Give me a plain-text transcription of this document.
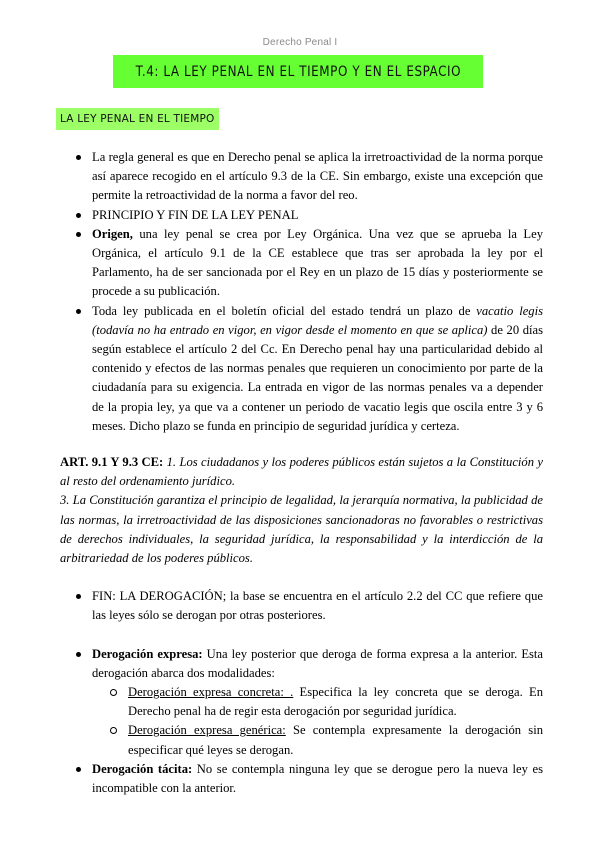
Derecho Penal I
T.4: LA LEY PENAL EN EL TIEMPO Y EN EL ESPACIO
LA LEY PENAL EN EL TIEMPO
La regla general es que en Derecho penal se aplica la irretroactividad de la norma porque así aparece recogido en el artículo 9.3 de la CE. Sin embargo, existe una excepción que permite la retroactividad de la norma a favor del reo.
PRINCIPIO Y FIN DE LA LEY PENAL
Origen, una ley penal se crea por Ley Orgánica. Una vez que se aprueba la Ley Orgánica, el artículo 9.1 de la CE establece que tras ser aprobada la ley por el Parlamento, ha de ser sancionada por el Rey en un plazo de 15 días y posteriormente se procede a su publicación.
Toda ley publicada en el boletín oficial del estado tendrá un plazo de vacatio legis (todavía no ha entrado en vigor, en vigor desde el momento en que se aplica) de 20 días según establece el artículo 2 del Cc. En Derecho penal hay una particularidad debido al contenido y efectos de las normas penales que requieren un conocimiento por parte de la ciudadanía para su exigencia. La entrada en vigor de las normas penales va a depender de la propia ley, ya que va a contener un periodo de vacatio legis que oscila entre 3 y 6 meses. Dicho plazo se funda en principio de seguridad jurídica y certeza.

ART. 9.1 Y 9.3 CE: 1. Los ciudadanos y los poderes públicos están sujetos a la Constitución y al resto del ordenamiento jurídico.
3. La Constitución garantiza el principio de legalidad, la jerarquía normativa, la publicidad de las normas, la irretroactividad de las disposiciones sancionadoras no favorables o restrictivas de derechos individuales, la seguridad jurídica, la responsabilidad y la interdicción de la arbitrariedad de los poderes públicos.

FIN: LA DEROGACIÓN; la base se encuentra en el artículo 2.2 del CC que refiere que las leyes sólo se derogan por otras posteriores.
Derogación expresa: Una ley posterior que deroga de forma expresa a la anterior. Esta derogación abarca dos modalidades:
Derogación expresa concreta: . Especifica la ley concreta que se deroga. En Derecho penal ha de regir esta derogación por seguridad jurídica.
Derogación expresa genérica: Se contempla expresamente la derogación sin especificar qué leyes se derogan.
Derogación tácita: No se contempla ninguna ley que se derogue pero la nueva ley es incompatible con la anterior.
